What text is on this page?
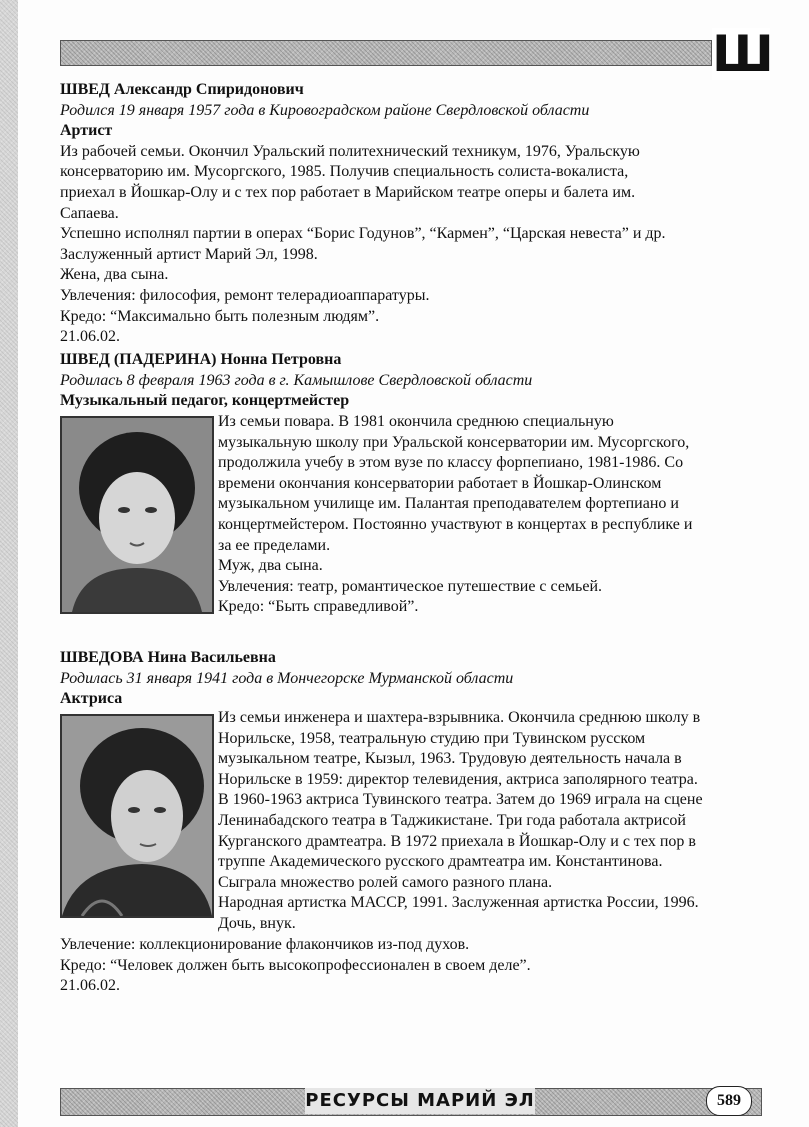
Ш
ШВЕД Александр Спиридонович
Родился 19 января 1957 года в Кировоградском районе Свердловской области
Артист

Из рабочей семьи. Окончил Уральский политехнический техникум, 1976, Уральскую

консерваторию им. Мусоргского, 1985. Получив специальность солиста-вокалиста,

приехал в Йошкар-Олу и с тех пор работает в Марийском театре оперы и балета им.

Сапаева.

Успешно исполнял партии в операх “Борис Годунов”, “Кармен”, “Царская невеста” и др.

Заслуженный артист Марий Эл, 1998.

Жена, два сына.

Увлечения: философия, ремонт телерадиоаппаратуры.

Кредо: “Максимально быть полезным людям”.

21.06.02.

ШВЕД (ПАДЕРИНА) Нонна Петровна
Родилась 8 февраля 1963 года в г. Камышлове Свердловской области
Музыкальный педагог, концертмейстер

Из семьи повара. В 1981 окончила среднюю специальную

музыкальную школу при Уральской консерватории им. Мусоргского,

продолжила учебу в этом вузе по классу форпепиано, 1981-1986. Со

времени окончания консерватории работает в Йошкар-Олинском

музыкальном училище им. Палантая преподавателем фортепиано и

концертмейстером. Постоянно участвуют в концертах в республике и

за ее пределами.

Муж, два сына.

Увлечения: театр, романтическое путешествие с семьей.

Кредо: “Быть справедливой”.

ШВЕДОВА Нина Васильевна
Родилась 31 января 1941 года в Мончегорске Мурманской области
Актриса

Из семьи инженера и шахтера-взрывника. Окончила среднюю школу в

Норильске, 1958, театральную студию при Тувинском русском

музыкальном театре, Кызыл, 1963. Трудовую деятельность начала в

Норильске в 1959: директор телевидения, актриса заполярного театра.

В 1960-1963 актриса Тувинского театра. Затем до 1969 играла на сцене

Ленинабадского театра в Таджикистане. Три года работала актрисой

Курганского драмтеатра. В 1972 приехала в Йошкар-Олу и с тех пор в

труппе Академического русского драмтеатра им. Константинова.

Сыграла множество ролей самого разного плана.

Народная артистка МАССР, 1991. Заслуженная артистка России, 1996.

Дочь, внук.

Увлечение: коллекционирование флакончиков из-под духов.

Кредо: “Человек должен быть высокопрофессионален в своем деле”.

21.06.02.

РЕСУРСЫ МАРИЙ ЭЛ	589
